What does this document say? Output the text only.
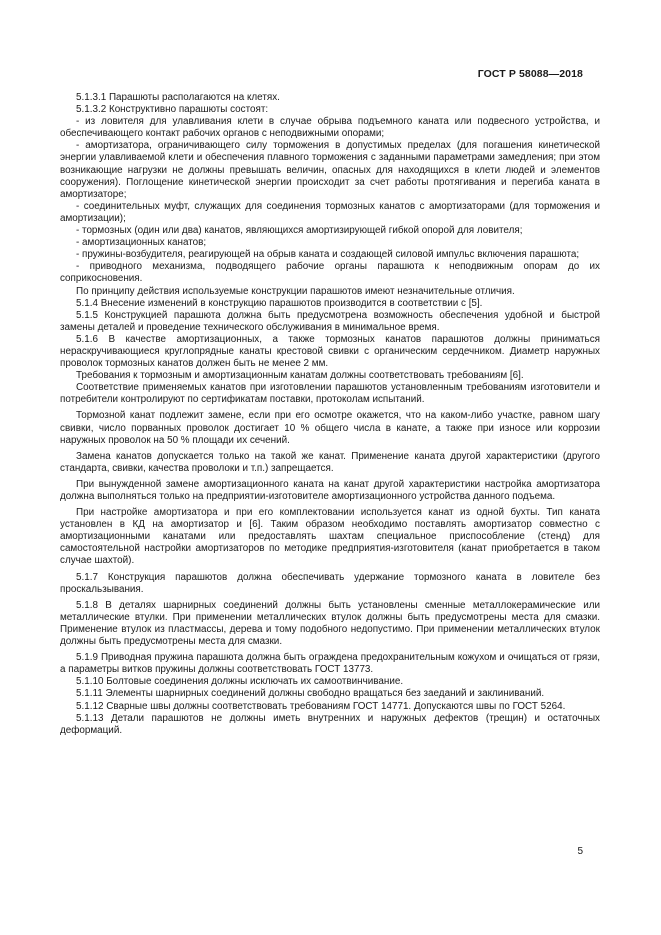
ГОСТ Р 58088—2018

5.1.3.1 Парашюты располагаются на клетях.

5.1.3.2 Конструктивно парашюты состоят:

- из ловителя для улавливания клети в случае обрыва подъемного каната или подвесного устройства, и обеспечивающего контакт рабочих органов с неподвижными опорами;

- амортизатора, ограничивающего силу торможения в допустимых пределах (для погашения кинетической энергии улавливаемой клети и обеспечения плавного торможения с заданными параметрами замедления; при этом возникающие нагрузки не должны превышать величин, опасных для находящихся в клети людей и элементов сооружения). Поглощение кинетической энергии происходит за счет работы протягивания и перегиба каната в амортизаторе;

- соединительных муфт, служащих для соединения тормозных канатов с амортизаторами (для торможения и амортизации);

- тормозных (один или два) канатов, являющихся амортизирующей гибкой опорой для ловителя;

- амортизационных канатов;

- пружины-возбудителя, реагирующей на обрыв каната и создающей силовой импульс включения парашюта;

- приводного механизма, подводящего рабочие органы парашюта к неподвижным опорам до их соприкосновения.

По принципу действия используемые конструкции парашютов имеют незначительные отличия.

5.1.4 Внесение изменений в конструкцию парашютов производится в соответствии с [5].

5.1.5 Конструкцией парашюта должна быть предусмотрена возможность обеспечения удобной и быстрой замены деталей и проведение технического обслуживания в минимальное время.

5.1.6 В качестве амортизационных, а также тормозных канатов парашютов должны приниматься нераскручивающиеся круглопрядные канаты крестовой свивки с органическим сердечником. Диаметр наружных проволок тормозных канатов должен быть не менее 2 мм.

Требования к тормозным и амортизационным канатам должны соответствовать требованиям [6].

Соответствие применяемых канатов при изготовлении парашютов установленным требованиям изготовители и потребители контролируют по сертификатам поставки, протоколам испытаний.

Тормозной канат подлежит замене, если при его осмотре окажется, что на каком-либо участке, равном шагу свивки, число порванных проволок достигает 10 % общего числа в канате, а также при износе или коррозии наружных проволок на 50 % площади их сечений.

Замена канатов допускается только на такой же канат. Применение каната другой характеристики (другого стандарта, свивки, качества проволоки и т.п.) запрещается.

При вынужденной замене амортизационного каната на канат другой характеристики настройка амортизатора должна выполняться только на предприятии-изготовителе амортизационного устройства данного подъема.

При настройке амортизатора и при его комплектовании используется канат из одной бухты. Тип каната установлен в КД на амортизатор и [6]. Таким образом необходимо поставлять амортизатор совместно с амортизационными канатами или предоставлять шахтам специальное приспособление (стенд) для самостоятельной настройки амортизаторов по методике предприятия-изготовителя (канат приобретается в таком случае шахтой).

5.1.7 Конструкция парашютов должна обеспечивать удержание тормозного каната в ловителе без проскальзывания.

5.1.8 В деталях шарнирных соединений должны быть установлены сменные металлокерамические или металлические втулки. При применении металлических втулок должны быть предусмотрены места для смазки. Применение втулок из пластмассы, дерева и тому подобного недопустимо. При применении металлических втулок должны быть предусмотрены места для смазки.

5.1.9 Приводная пружина парашюта должна быть ограждена предохранительным кожухом и очищаться от грязи, а параметры витков пружины должны соответствовать ГОСТ 13773.

5.1.10 Болтовые соединения должны исключать их самоотвинчивание.

5.1.11 Элементы шарнирных соединений должны свободно вращаться без заеданий и заклиниваний.

5.1.12 Сварные швы должны соответствовать требованиям ГОСТ 14771. Допускаются швы по ГОСТ 5264.

5.1.13 Детали парашютов не должны иметь внутренних и наружных дефектов (трещин) и остаточных деформаций.

5
